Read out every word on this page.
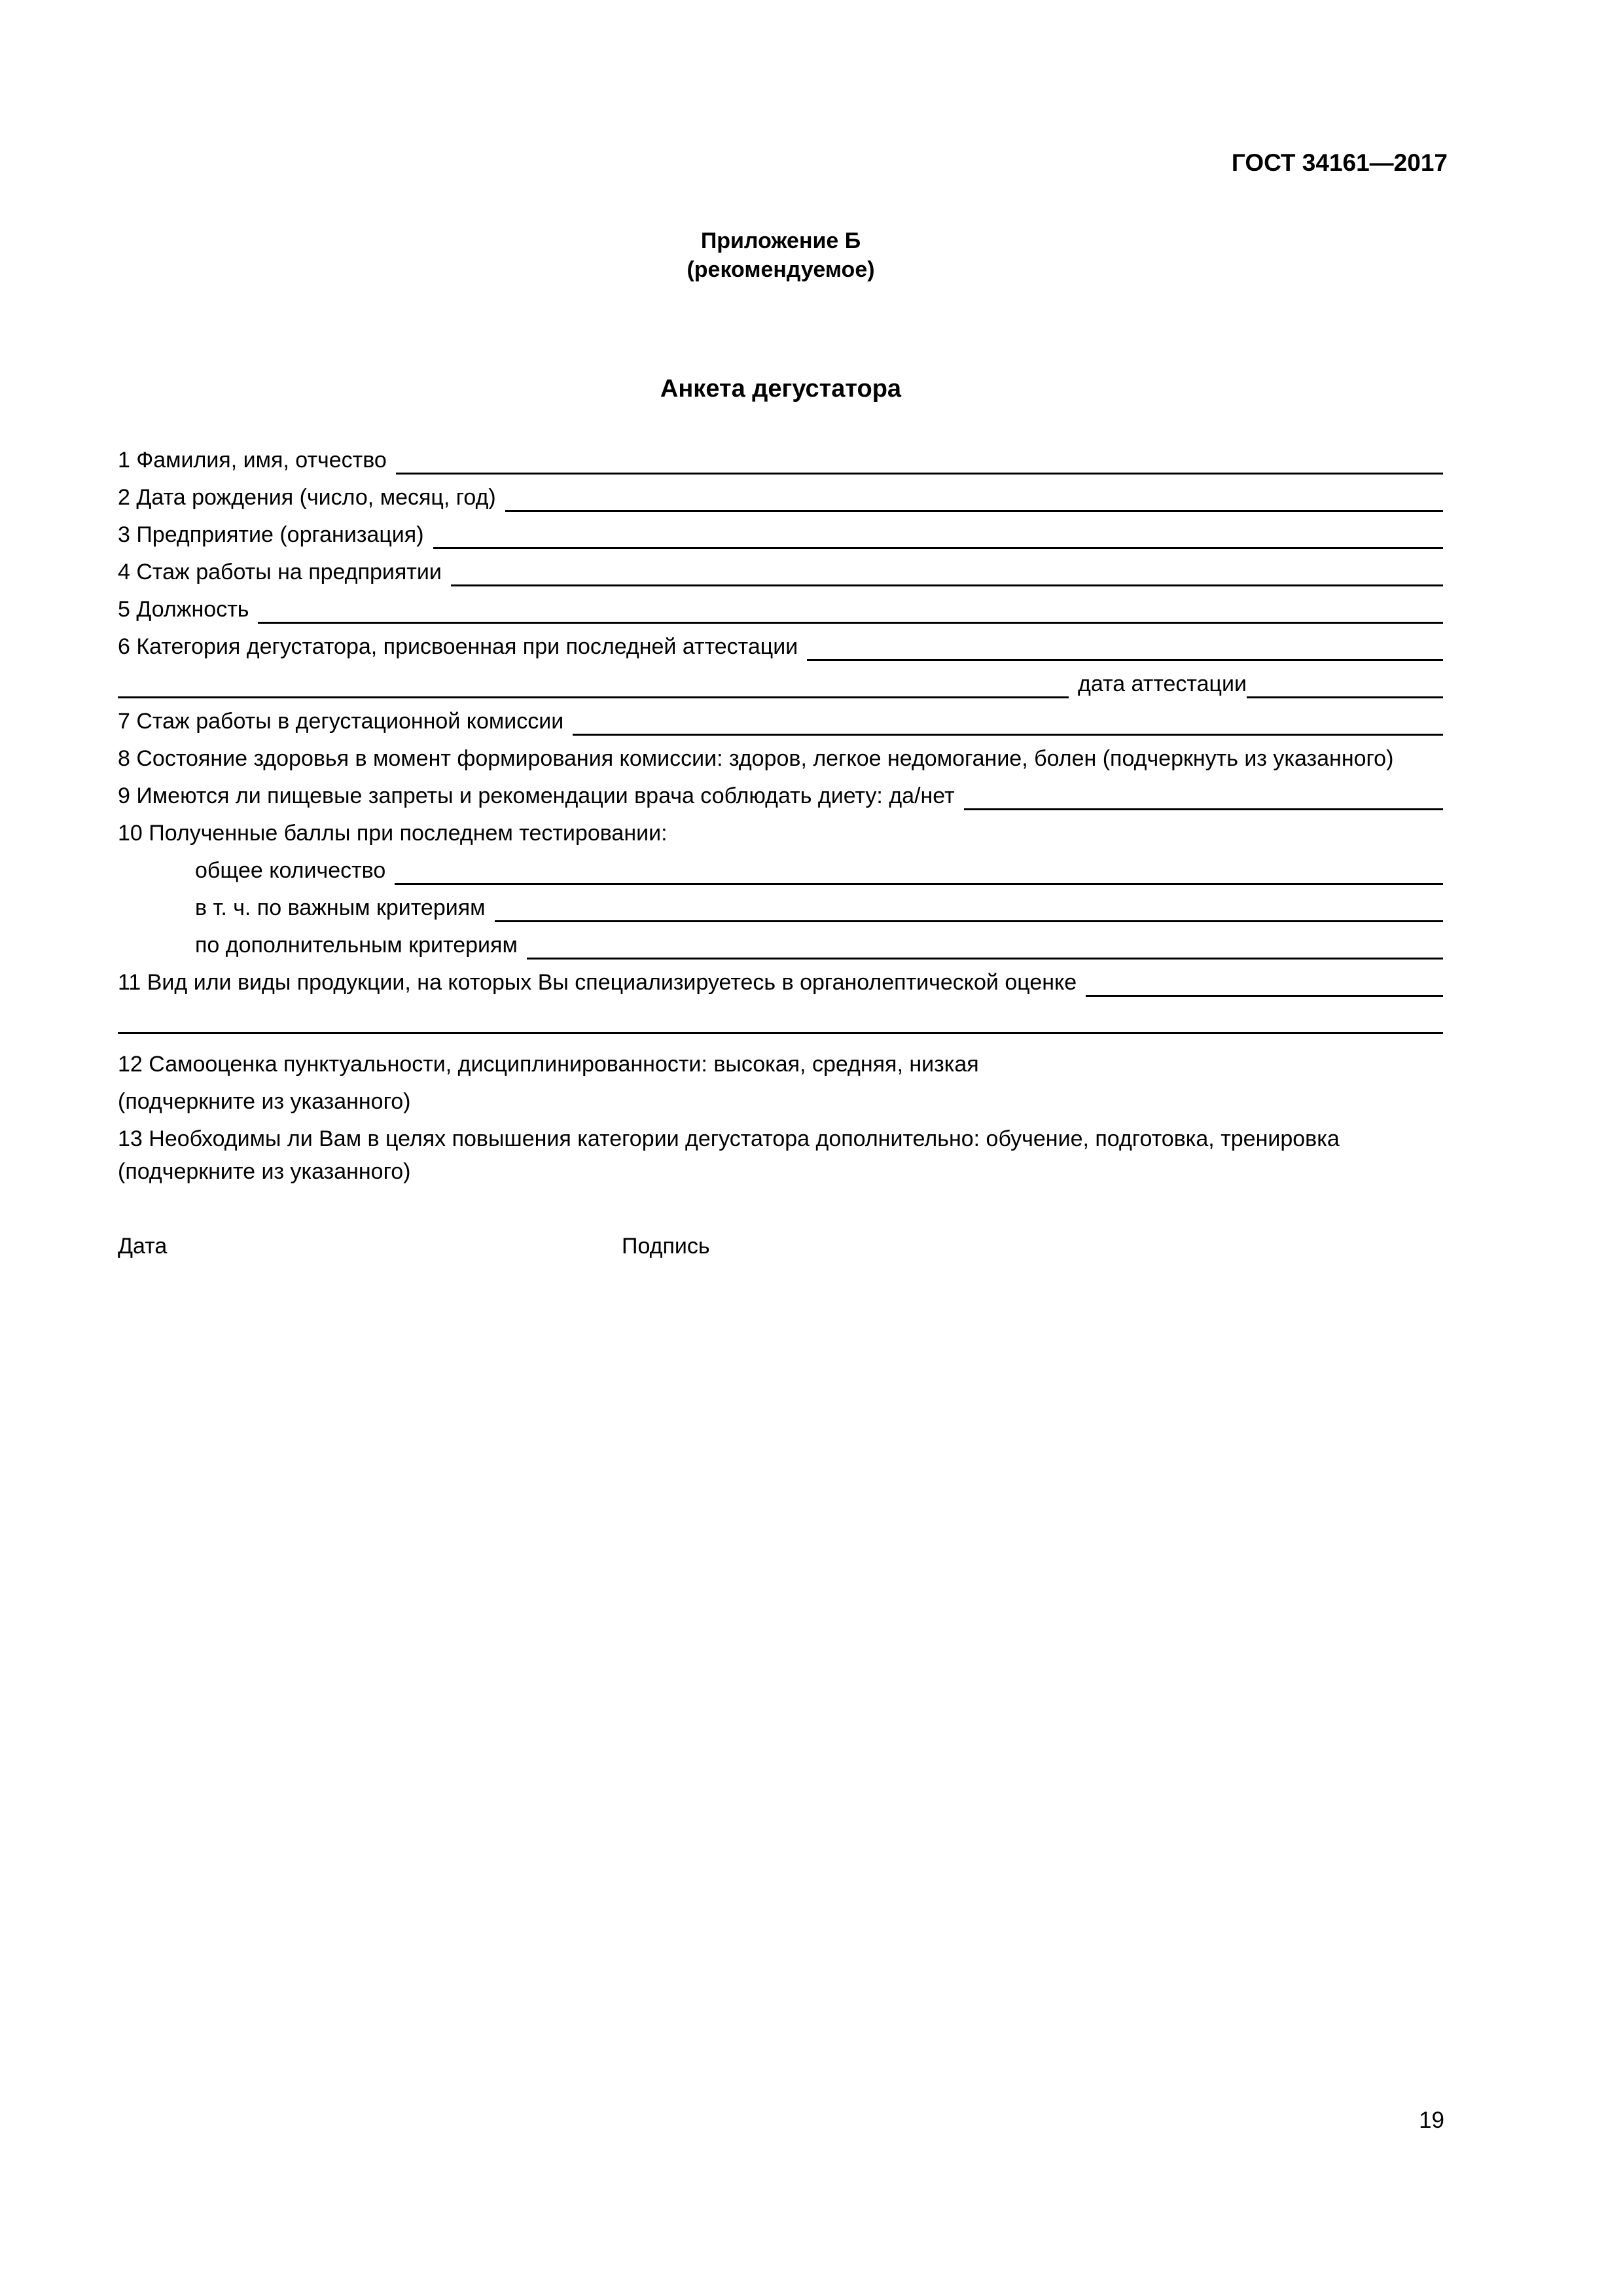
ГОСТ 34161—2017
Приложение Б
(рекомендуемое)
Анкета дегустатора
1 Фамилия, имя, отчество
2 Дата рождения (число, месяц, год)
3 Предприятие (организация)
4 Стаж работы на предприятии
5 Должность
6 Категория дегустатора, присвоенная при последней аттестации
дата аттестации
7 Стаж работы в дегустационной комиссии
8 Состояние здоровья в момент формирования комиссии: здоров, легкое недомогание, болен (подчеркнуть из указанного)
9 Имеются ли пищевые запреты и рекомендации врача соблюдать диету: да/нет
10 Полученные баллы при последнем тестировании:
общее количество
в т. ч. по важным критериям
по дополнительным критериям
11 Вид или виды продукции, на которых Вы специализируетесь в органолептической оценке
12 Самооценка пунктуальности, дисциплинированности: высокая, средняя, низкая
(подчеркните из указанного)
13 Необходимы ли Вам в целях повышения категории дегустатора дополнительно: обучение, подготовка, тренировка
(подчеркните из указанного)
Дата	Подпись
19
